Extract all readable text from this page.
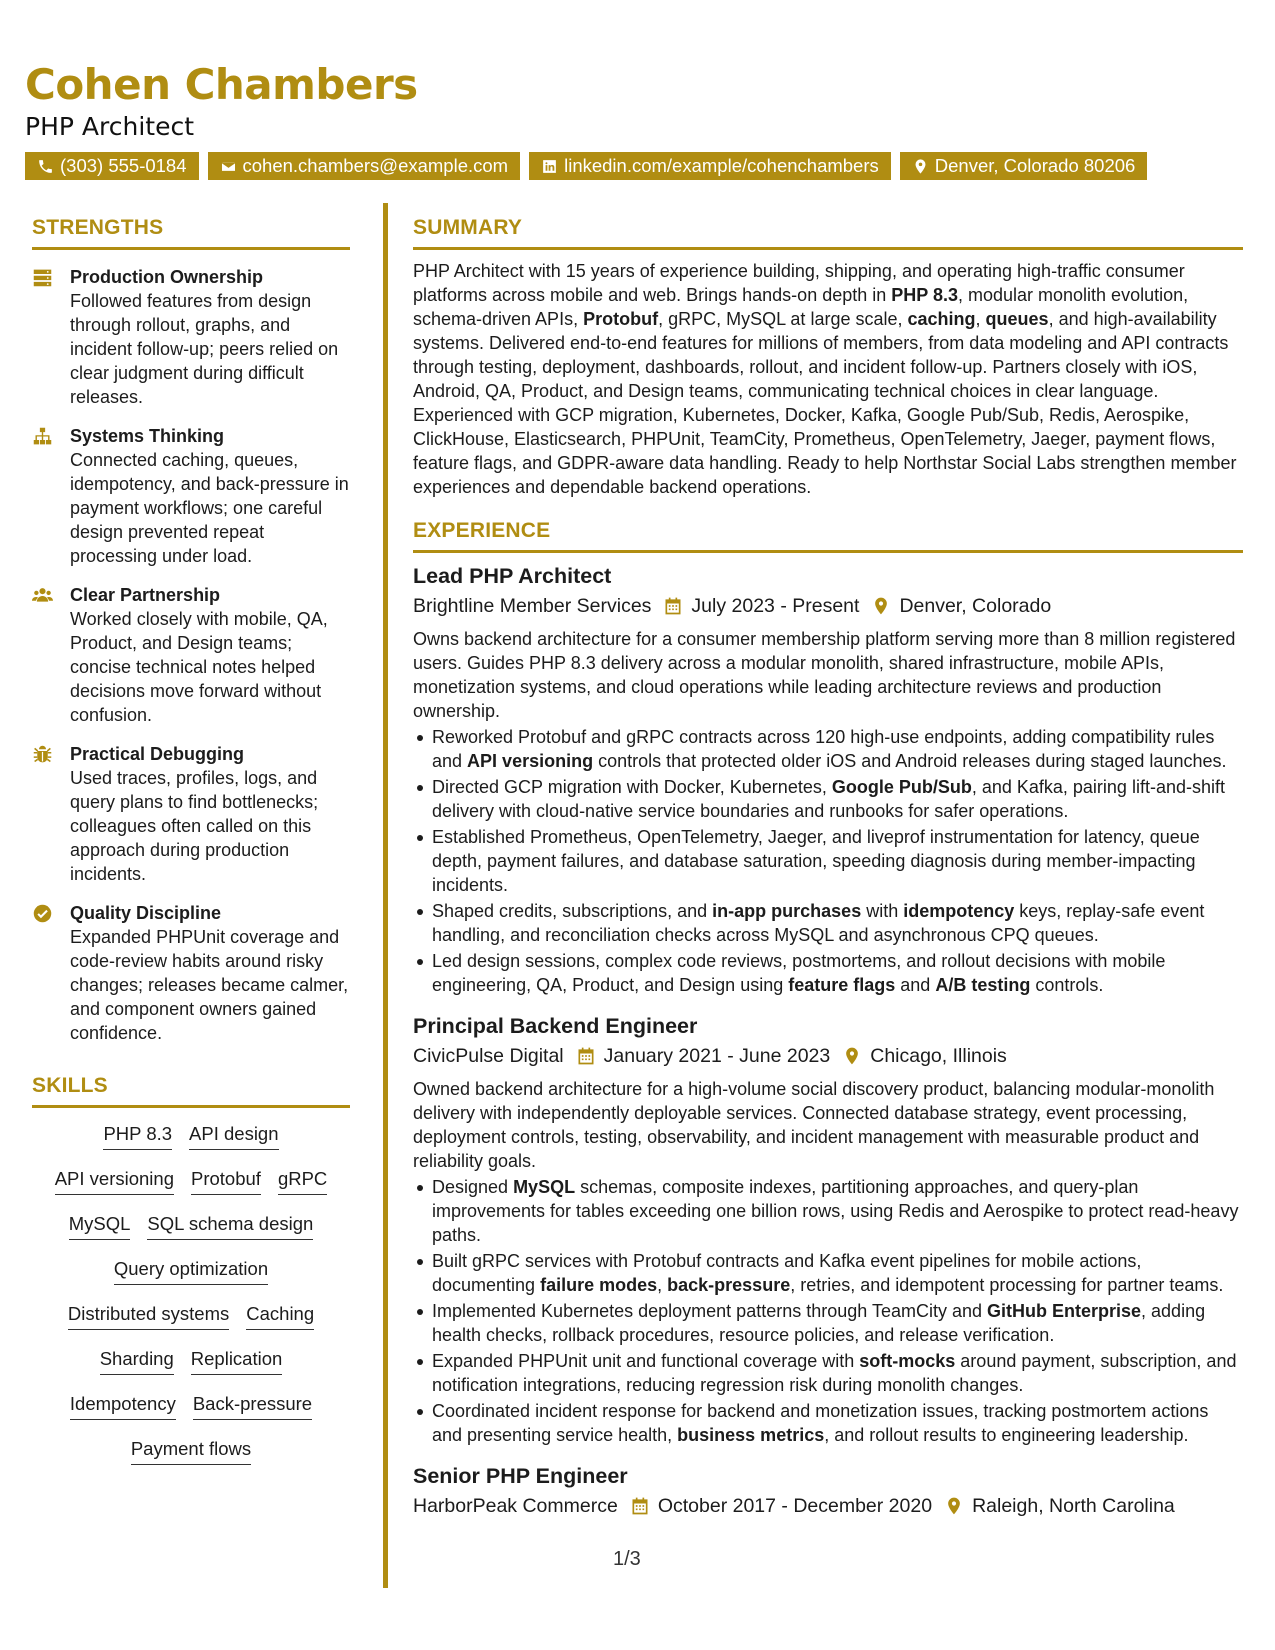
Cohen Chambers
PHP Architect
(303) 555-0184	cohen.chambers@example.com	linkedin.com/example/cohenchambers	Denver, Colorado 80206
STRENGTHS
Production Ownership
Followed features from design through rollout, graphs, and incident follow-up; peers relied on clear judgment during difficult releases.
Systems Thinking
Connected caching, queues, idempotency, and back-pressure in payment workflows; one careful design prevented repeat processing under load.
Clear Partnership
Worked closely with mobile, QA, Product, and Design teams; concise technical notes helped decisions move forward without confusion.
Practical Debugging
Used traces, profiles, logs, and query plans to find bottlenecks; colleagues often called on this approach during production incidents.
Quality Discipline
Expanded PHPUnit coverage and code-review habits around risky changes; releases became calmer, and component owners gained confidence.
SKILLS
PHP 8.3 API design
API versioning Protobuf gRPC
MySQL SQL schema design
Query optimization
Distributed systems Caching
Sharding Replication
Idempotency Back-pressure
Payment flows
SUMMARY

PHP Architect with 15 years of experience building, shipping, and operating high-traffic consumer platforms across mobile and web. Brings hands-on depth in PHP 8.3, modular monolith evolution, schema-driven APIs, Protobuf, gRPC, MySQL at large scale, caching, queues, and high-availability systems. Delivered end-to-end features for millions of members, from data modeling and API contracts through testing, deployment, dashboards, rollout, and incident follow-up. Partners closely with iOS, Android, QA, Product, and Design teams, communicating technical choices in clear language. Experienced with GCP migration, Kubernetes, Docker, Kafka, Google Pub/Sub, Redis, Aerospike, ClickHouse, Elasticsearch, PHPUnit, TeamCity, Prometheus, OpenTelemetry, Jaeger, payment flows, feature flags, and GDPR-aware data handling. Ready to help Northstar Social Labs strengthen member experiences and dependable backend operations.

EXPERIENCE
Lead PHP Architect
Brightline Member Services July 2023 - Present Denver, Colorado
Owns backend architecture for a consumer membership platform serving more than 8 million registered users. Guides PHP 8.3 delivery across a modular monolith, shared infrastructure, mobile APIs, monetization systems, and cloud operations while leading architecture reviews and production ownership.
Reworked Protobuf and gRPC contracts across 120 high-use endpoints, adding compatibility rules and API versioning controls that protected older iOS and Android releases during staged launches.
Directed GCP migration with Docker, Kubernetes, Google Pub/Sub, and Kafka, pairing lift-and-shift delivery with cloud-native service boundaries and runbooks for safer operations.
Established Prometheus, OpenTelemetry, Jaeger, and liveprof instrumentation for latency, queue depth, payment failures, and database saturation, speeding diagnosis during member-impacting incidents.
Shaped credits, subscriptions, and in-app purchases with idempotency keys, replay-safe event handling, and reconciliation checks across MySQL and asynchronous CPQ queues.
Led design sessions, complex code reviews, postmortems, and rollout decisions with mobile engineering, QA, Product, and Design using feature flags and A/B testing controls.
Principal Backend Engineer
CivicPulse Digital January 2021 - June 2023 Chicago, Illinois
Owned backend architecture for a high-volume social discovery product, balancing modular-monolith delivery with independently deployable services. Connected database strategy, event processing, deployment controls, testing, observability, and incident management with measurable product and reliability goals.
Designed MySQL schemas, composite indexes, partitioning approaches, and query-plan improvements for tables exceeding one billion rows, using Redis and Aerospike to protect read-heavy paths.
Built gRPC services with Protobuf contracts and Kafka event pipelines for mobile actions, documenting failure modes, back-pressure, retries, and idempotent processing for partner teams.
Implemented Kubernetes deployment patterns through TeamCity and GitHub Enterprise, adding health checks, rollback procedures, resource policies, and release verification.
Expanded PHPUnit unit and functional coverage with soft-mocks around payment, subscription, and notification integrations, reducing regression risk during monolith changes.
Coordinated incident response for backend and monetization issues, tracking postmortem actions and presenting service health, business metrics, and rollout results to engineering leadership.
Senior PHP Engineer
HarborPeak Commerce October 2017 - December 2020 Raleigh, North Carolina
1/3
